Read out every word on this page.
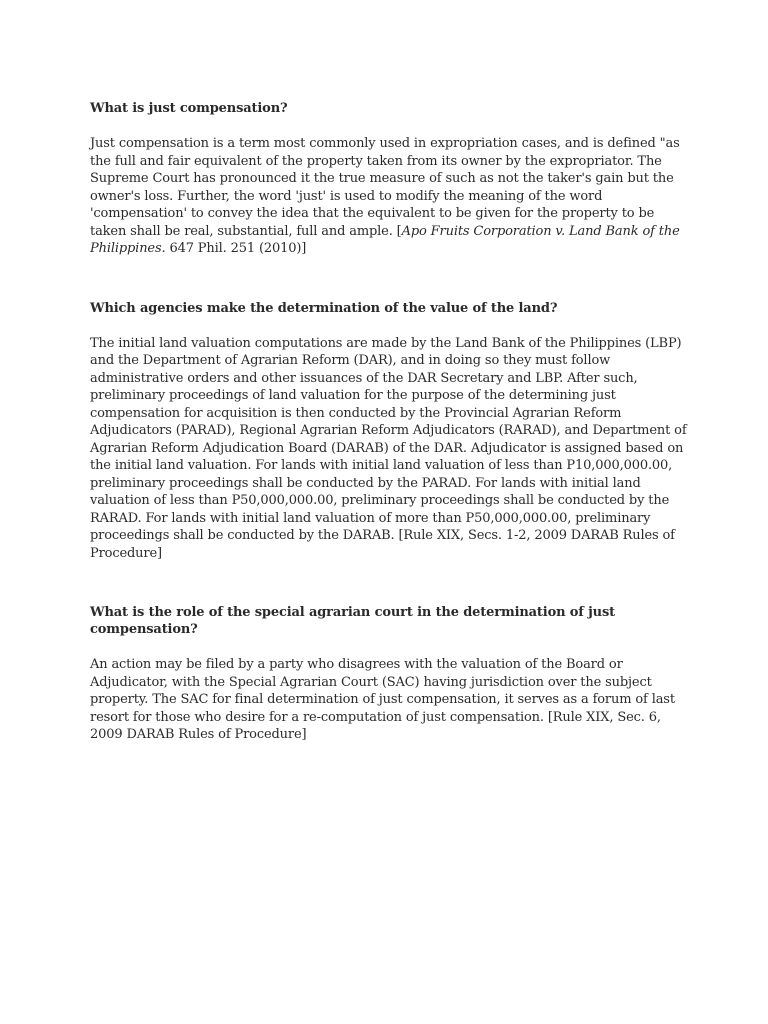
What is just compensation?

Just compensation is a term most commonly used in expropriation cases, and is defined "as the full and fair equivalent of the property taken from its owner by the expropriator. The Supreme Court has pronounced it the true measure of such as not the taker's gain but the owner's loss. Further, the word 'just' is used to modify the meaning of the word 'compensation' to convey the idea that the equivalent to be given for the property to be taken shall be real, substantial, full and ample. [Apo Fruits Corporation v. Land Bank of the Philippines. 647 Phil. 251 (2010)]

Which agencies make the determination of the value of the land?

The initial land valuation computations are made by the Land Bank of the Philippines (LBP) and the Department of Agrarian Reform (DAR), and in doing so they must follow administrative orders and other issuances of the DAR Secretary and LBP. After such, preliminary proceedings of land valuation for the purpose of the determining just compensation for acquisition is then conducted by the Provincial Agrarian Reform Adjudicators (PARAD), Regional Agrarian Reform Adjudicators (RARAD), and Department of Agrarian Reform Adjudication Board (DARAB) of the DAR. Adjudicator is assigned based on the initial land valuation. For lands with initial land valuation of less than P10,000,000.00, preliminary proceedings shall be conducted by the PARAD. For lands with initial land valuation of less than P50,000,000.00, preliminary proceedings shall be conducted by the RARAD. For lands with initial land valuation of more than P50,000,000.00, preliminary proceedings shall be conducted by the DARAB. [Rule XIX, Secs. 1-2, 2009 DARAB Rules of Procedure]

What is the role of the special agrarian court in the determination of just compensation?

An action may be filed by a party who disagrees with the valuation of the Board or Adjudicator, with the Special Agrarian Court (SAC) having jurisdiction over the subject property. The SAC for final determination of just compensation, it serves as a forum of last resort for those who desire for a re-computation of just compensation. [Rule XIX, Sec. 6, 2009 DARAB Rules of Procedure]
